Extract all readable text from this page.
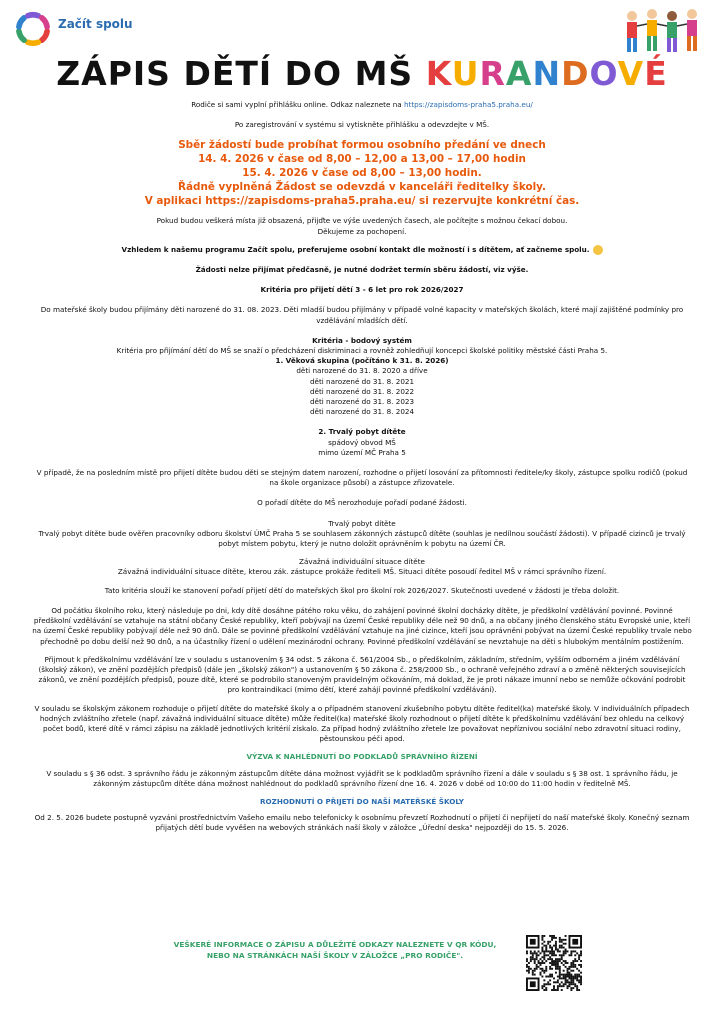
Začít spolu
ZÁPIS DĚTÍ DO MŠ KURANDOVÉ

Rodiče si sami vyplní přihlášku online. Odkaz naleznete na https://zapisdoms-praha5.praha.eu/

Po zaregistrování v systému si vytiskněte přihlášku a odevzdejte v MŠ.

Sběr žádostí bude probíhat formou osobního předání ve dnech

14. 4. 2026 v čase od 8,00 – 12,00 a 13,00 – 17,00 hodin

15. 4. 2026 v čase od 8,00 – 13,00 hodin.

Řádně vyplněná Žádost se odevzdá v kanceláři ředitelky školy.

V aplikaci https://zapisdoms-praha5.praha.eu/ si rezervujte konkrétní čas.

Pokud budou veškerá místa již obsazená, přijďte ve výše uvedených časech, ale počítejte s možnou čekací dobou.

Děkujeme za pochopení.

Vzhledem k našemu programu Začít spolu, preferujeme osobní kontakt dle možností i s dítětem, ať začneme spolu.

Žádosti nelze přijímat předčasně, je nutné dodržet termín sběru žádostí, viz výše.

Kritéria pro přijetí dětí 3 - 6 let pro rok 2026/2027

Do mateřské školy budou přijímány děti narozené do 31. 08. 2023. Děti mladší budou přijímány v případě volné kapacity v mateřských školách, které mají zajištěné podmínky pro vzdělávání mladších dětí.

Kritéria - bodový systém

Kritéria pro přijímání dětí do MŠ se snaží o předcházení diskriminaci a rovněž zohledňují koncepci školské politiky městské části Praha 5.

1. Věková skupina (počítáno k 31. 8. 2026)

děti narozené do 31. 8. 2020 a dříve

děti narozené do 31. 8. 2021

děti narozené do 31. 8. 2022

děti narozené do 31. 8. 2023

děti narozené do 31. 8. 2024

2. Trvalý pobyt dítěte

spádový obvod MŠ

mimo území MČ Praha 5

V případě, že na posledním místě pro přijetí dítěte budou děti se stejným datem narození, rozhodne o přijetí losování za přítomnosti ředitele/ky školy, zástupce spolku rodičů (pokud na škole organizace působí) a zástupce zřizovatele.

O pořadí dítěte do MŠ nerozhoduje pořadí podané žádosti.

Trvalý pobyt dítěte

Trvalý pobyt dítěte bude ověřen pracovníky odboru školství ÚMČ Praha 5 se souhlasem zákonných zástupců dítěte (souhlas je nedílnou součástí žádosti). V případě cizinců je trvalý pobyt místem pobytu, který je nutno doložit oprávněním k pobytu na území ČR.

Závažná individuální situace dítěte

Závažná individuální situace dítěte, kterou zák. zástupce prokáže řediteli MŠ. Situaci dítěte posoudí ředitel MŠ v rámci správního řízení.

Tato kritéria slouží ke stanovení pořadí přijetí dětí do mateřských škol pro školní rok 2026/2027. Skutečnosti uvedené v žádosti je třeba doložit.

Od počátku školního roku, který následuje po dni, kdy dítě dosáhne pátého roku věku, do zahájení povinné školní docházky dítěte, je předškolní vzdělávání povinné. Povinné předškolní vzdělávání se vztahuje na státní občany České republiky, kteří pobývají na území České republiky déle než 90 dnů, a na občany jiného členského státu Evropské unie, kteří na území České republiky pobývají déle než 90 dnů. Dále se povinné předškolní vzdělávání vztahuje na jiné cizince, kteří jsou oprávněni pobývat na území České republiky trvale nebo přechodně po dobu delší než 90 dnů, a na účastníky řízení o udělení mezinárodní ochrany. Povinné předškolní vzdělávání se nevztahuje na děti s hlubokým mentálním postižením.

Přijmout k předškolnímu vzdělávání lze v souladu s ustanovením § 34 odst. 5 zákona č. 561/2004 Sb., o předškolním, základním, středním, vyšším odborném a jiném vzdělávání (školský zákon), ve znění pozdějších předpisů (dále jen „školský zákon") a ustanovením § 50 zákona č. 258/2000 Sb., o ochraně veřejného zdraví a o změně některých souvisejících zákonů, ve znění pozdějších předpisů, pouze dítě, které se podrobilo stanoveným pravidelným očkováním, má doklad, že je proti nákaze imunní nebo se nemůže očkování podrobit pro kontraindikaci (mimo dětí, které zahájí povinné předškolní vzdělávání).

V souladu se školským zákonem rozhoduje o přijetí dítěte do mateřské školy a o případném stanovení zkušebního pobytu dítěte ředitel(ka) mateřské školy. V individuálních případech hodných zvláštního zřetele (např. závažná individuální situace dítěte) může ředitel(ka) mateřské školy rozhodnout o přijetí dítěte k předškolnímu vzdělávání bez ohledu na celkový počet bodů, které dítě v rámci zápisu na základě jednotlivých kritérií získalo. Za případ hodný zvláštního zřetele lze považovat nepříznivou sociální nebo zdravotní situaci rodiny, pěstounskou péči apod.

VÝZVA K NAHLÉDNUTÍ DO PODKLADŮ SPRÁVNÍHO ŘÍZENÍ

V souladu s § 36 odst. 3 správního řádu je zákonným zástupcům dítěte dána možnost vyjádřit se k podkladům správního řízení a dále v souladu s § 38 ost. 1 správního řádu, je zákonným zástupcům dítěte dána možnost nahlédnout do podkladů správního řízení dne 16. 4. 2026 v době od 10:00 do 11:00 hodin v ředitelně MŠ.

ROZHODNUTÍ O PŘIJETÍ DO NAŠÍ MATEŘSKÉ ŠKOLY

Od 2. 5. 2026 budete postupně vyzváni prostřednictvím Vašeho emailu nebo telefonicky k osobnímu převzetí Rozhodnutí o přijetí či nepřijetí do naší mateřské školy. Konečný seznam přijatých dětí bude vyvěšen na webových stránkách naší školy v záložce „Úřední deska" nejpozději do 15. 5. 2026.

VEŠKERÉ INFORMACE O ZÁPISU A DŮLEŽITÉ ODKAZY NALEZNETE V QR KÓDU,

NEBO NA STRÁNKÁCH NAŠÍ ŠKOLY V ZÁLOŽCE „PRO RODIČE".
